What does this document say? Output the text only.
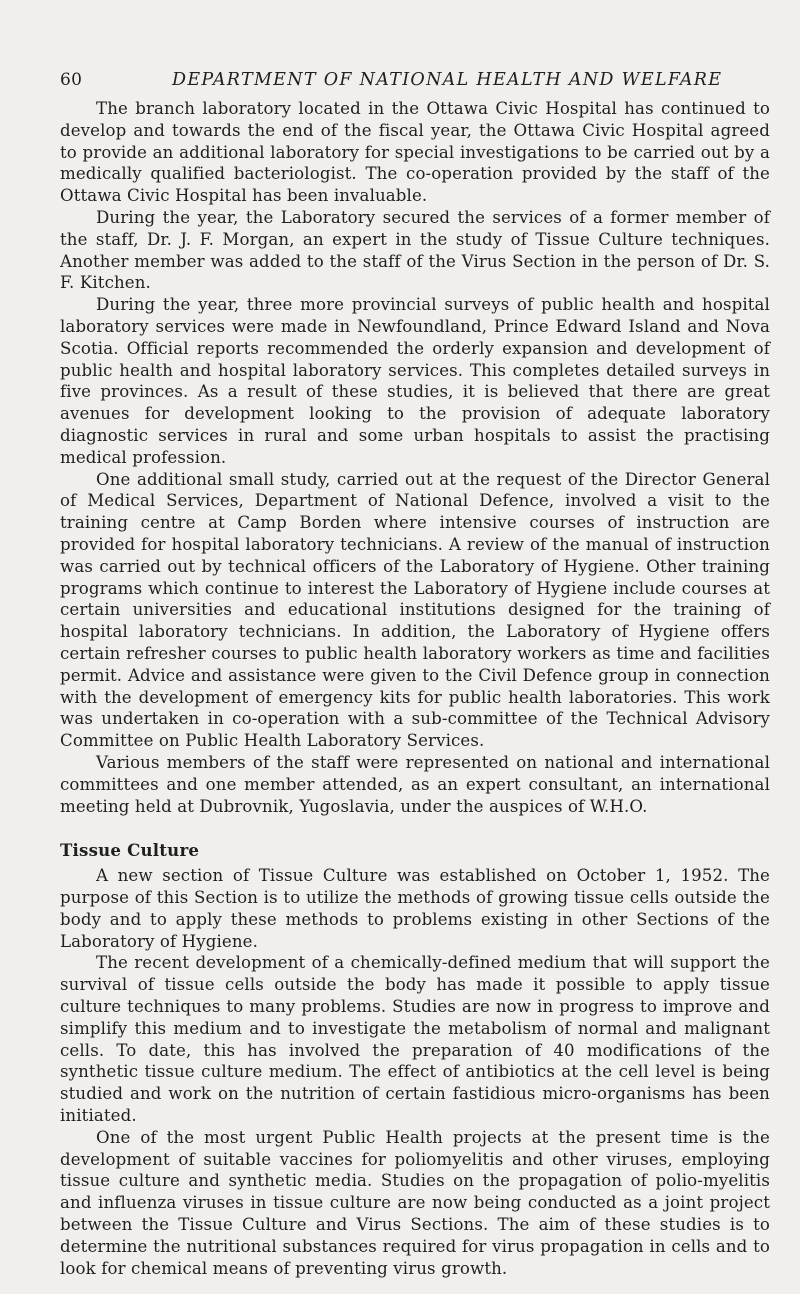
60	DEPARTMENT OF NATIONAL HEALTH AND WELFARE

The branch laboratory located in the Ottawa Civic Hospital has continued to develop and towards the end of the fiscal year, the Ottawa Civic Hospital agreed to provide an additional laboratory for special investigations to be carried out by a medically qualified bacteriologist. The co-operation provided by the staff of the Ottawa Civic Hospital has been invaluable.

During the year, the Laboratory secured the services of a former member of the staff, Dr. J. F. Morgan, an expert in the study of Tissue Culture techniques. Another member was added to the staff of the Virus Section in the person of Dr. S. F. Kitchen.

During the year, three more provincial surveys of public health and hospital laboratory services were made in Newfoundland, Prince Edward Island and Nova Scotia. Official reports recommended the orderly expansion and development of public health and hospital laboratory services. This completes detailed surveys in five provinces. As a result of these studies, it is believed that there are great avenues for development looking to the provision of adequate laboratory diagnostic services in rural and some urban hospitals to assist the practising medical profession.

One additional small study, carried out at the request of the Director General of Medical Services, Department of National Defence, involved a visit to the training centre at Camp Borden where intensive courses of instruction are provided for hospital laboratory technicians. A review of the manual of instruction was carried out by technical officers of the Laboratory of Hygiene. Other training programs which continue to interest the Laboratory of Hygiene include courses at certain universities and educational institutions designed for the training of hospital laboratory technicians. In addition, the Laboratory of Hygiene offers certain refresher courses to public health laboratory workers as time and facilities permit. Advice and assistance were given to the Civil Defence group in connection with the development of emergency kits for public health laboratories. This work was undertaken in co-operation with a sub-committee of the Technical Advisory Committee on Public Health Laboratory Services.

Various members of the staff were represented on national and international committees and one member attended, as an expert consultant, an international meeting held at Dubrovnik, Yugoslavia, under the auspices of W.H.O.

Tissue Culture

A new section of Tissue Culture was established on October 1, 1952. The purpose of this Section is to utilize the methods of growing tissue cells outside the body and to apply these methods to problems existing in other Sections of the Laboratory of Hygiene.

The recent development of a chemically-defined medium that will support the survival of tissue cells outside the body has made it possible to apply tissue culture techniques to many problems. Studies are now in progress to improve and simplify this medium and to investigate the metabolism of normal and malignant cells. To date, this has involved the preparation of 40 modifications of the synthetic tissue culture medium. The effect of antibiotics at the cell level is being studied and work on the nutrition of certain fastidious micro-organisms has been initiated.

One of the most urgent Public Health projects at the present time is the development of suitable vaccines for poliomyelitis and other viruses, employing tissue culture and synthetic media. Studies on the propagation of polio-myelitis and influenza viruses in tissue culture are now being conducted as a joint project between the Tissue Culture and Virus Sections. The aim of these studies is to determine the nutritional substances required for virus propagation in cells and to look for chemical means of preventing virus growth.
